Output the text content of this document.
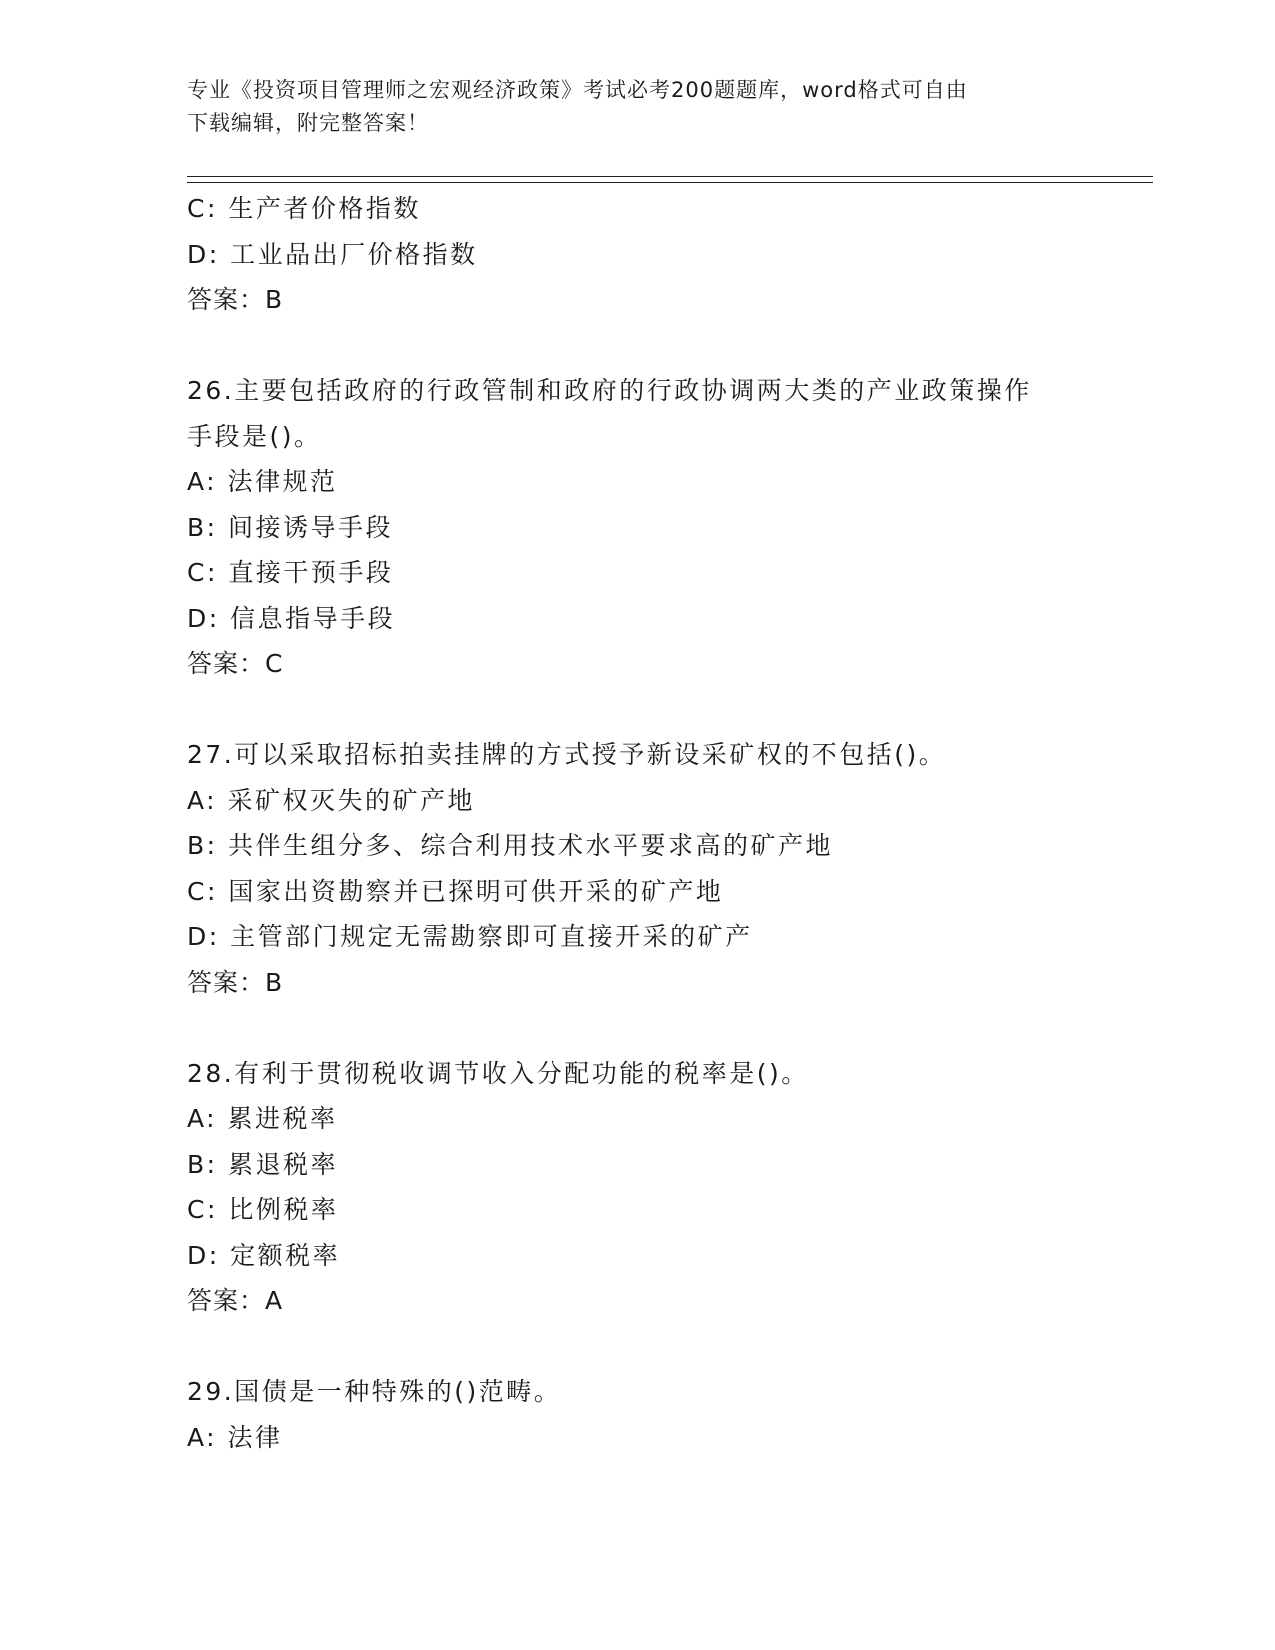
专业《投资项目管理师之宏观经济政策》考试必考200题题库，word格式可自由
下载编辑，附完整答案！
C: 生产者价格指数
D: 工业品出厂价格指数
答案：B
26.主要包括政府的行政管制和政府的行政协调两大类的产业政策操作
手段是()。
A: 法律规范
B: 间接诱导手段
C: 直接干预手段
D: 信息指导手段
答案：C
27.可以采取招标拍卖挂牌的方式授予新设采矿权的不包括()。
A: 采矿权灭失的矿产地
B: 共伴生组分多、综合利用技术水平要求高的矿产地
C: 国家出资勘察并已探明可供开采的矿产地
D: 主管部门规定无需勘察即可直接开采的矿产
答案：B
28.有利于贯彻税收调节收入分配功能的税率是()。
A: 累进税率
B: 累退税率
C: 比例税率
D: 定额税率
答案：A
29.国债是一种特殊的()范畴。
A: 法律
